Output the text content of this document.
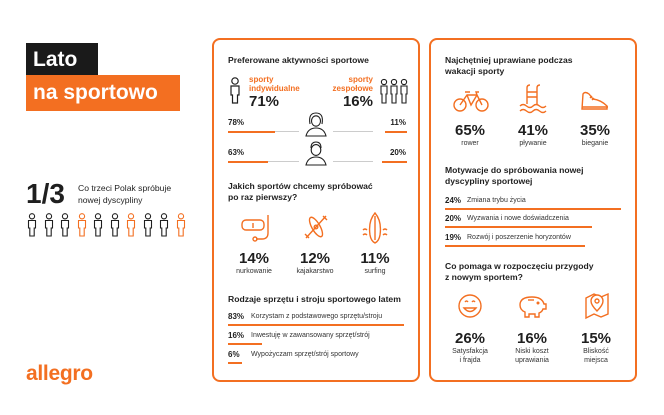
Lato
na sportowo
1/3 Co trzeci Polak spróbuje
nowej dyscypliny
allegro
Preferowane aktywności sportowe
sporty
indywidualne
71%
sporty
zespołowe
16%
78%	11%
63%	20%
Jakich sportów chcemy spróbować
po raz pierwszy?
14%
nurkowanie
12%
kajakarstwo
11%
surfing
Rodzaje sprzętu i stroju sportowego latem
83% Korzystam z podstawowego sprzętu/stroju
16% Inwestuję w zawansowany sprzęt/strój
6% Wypożyczam sprzęt/strój sportowy
Najchętniej uprawiane podczas
wakacji sporty
65%
rower
41%
pływanie
35%
bieganie
Motywacje do spróbowania nowej
dyscypliny sportowej
24% Zmiana trybu życia
20% Wyzwania i nowe doświadczenia
19% Rozwój i poszerzenie horyzontów
Co pomaga w rozpoczęciu przygody
z nowym sportem?
26%
Satysfakcja
i frajda
16%
Niski koszt
uprawiania
15%
Bliskość
miejsca
